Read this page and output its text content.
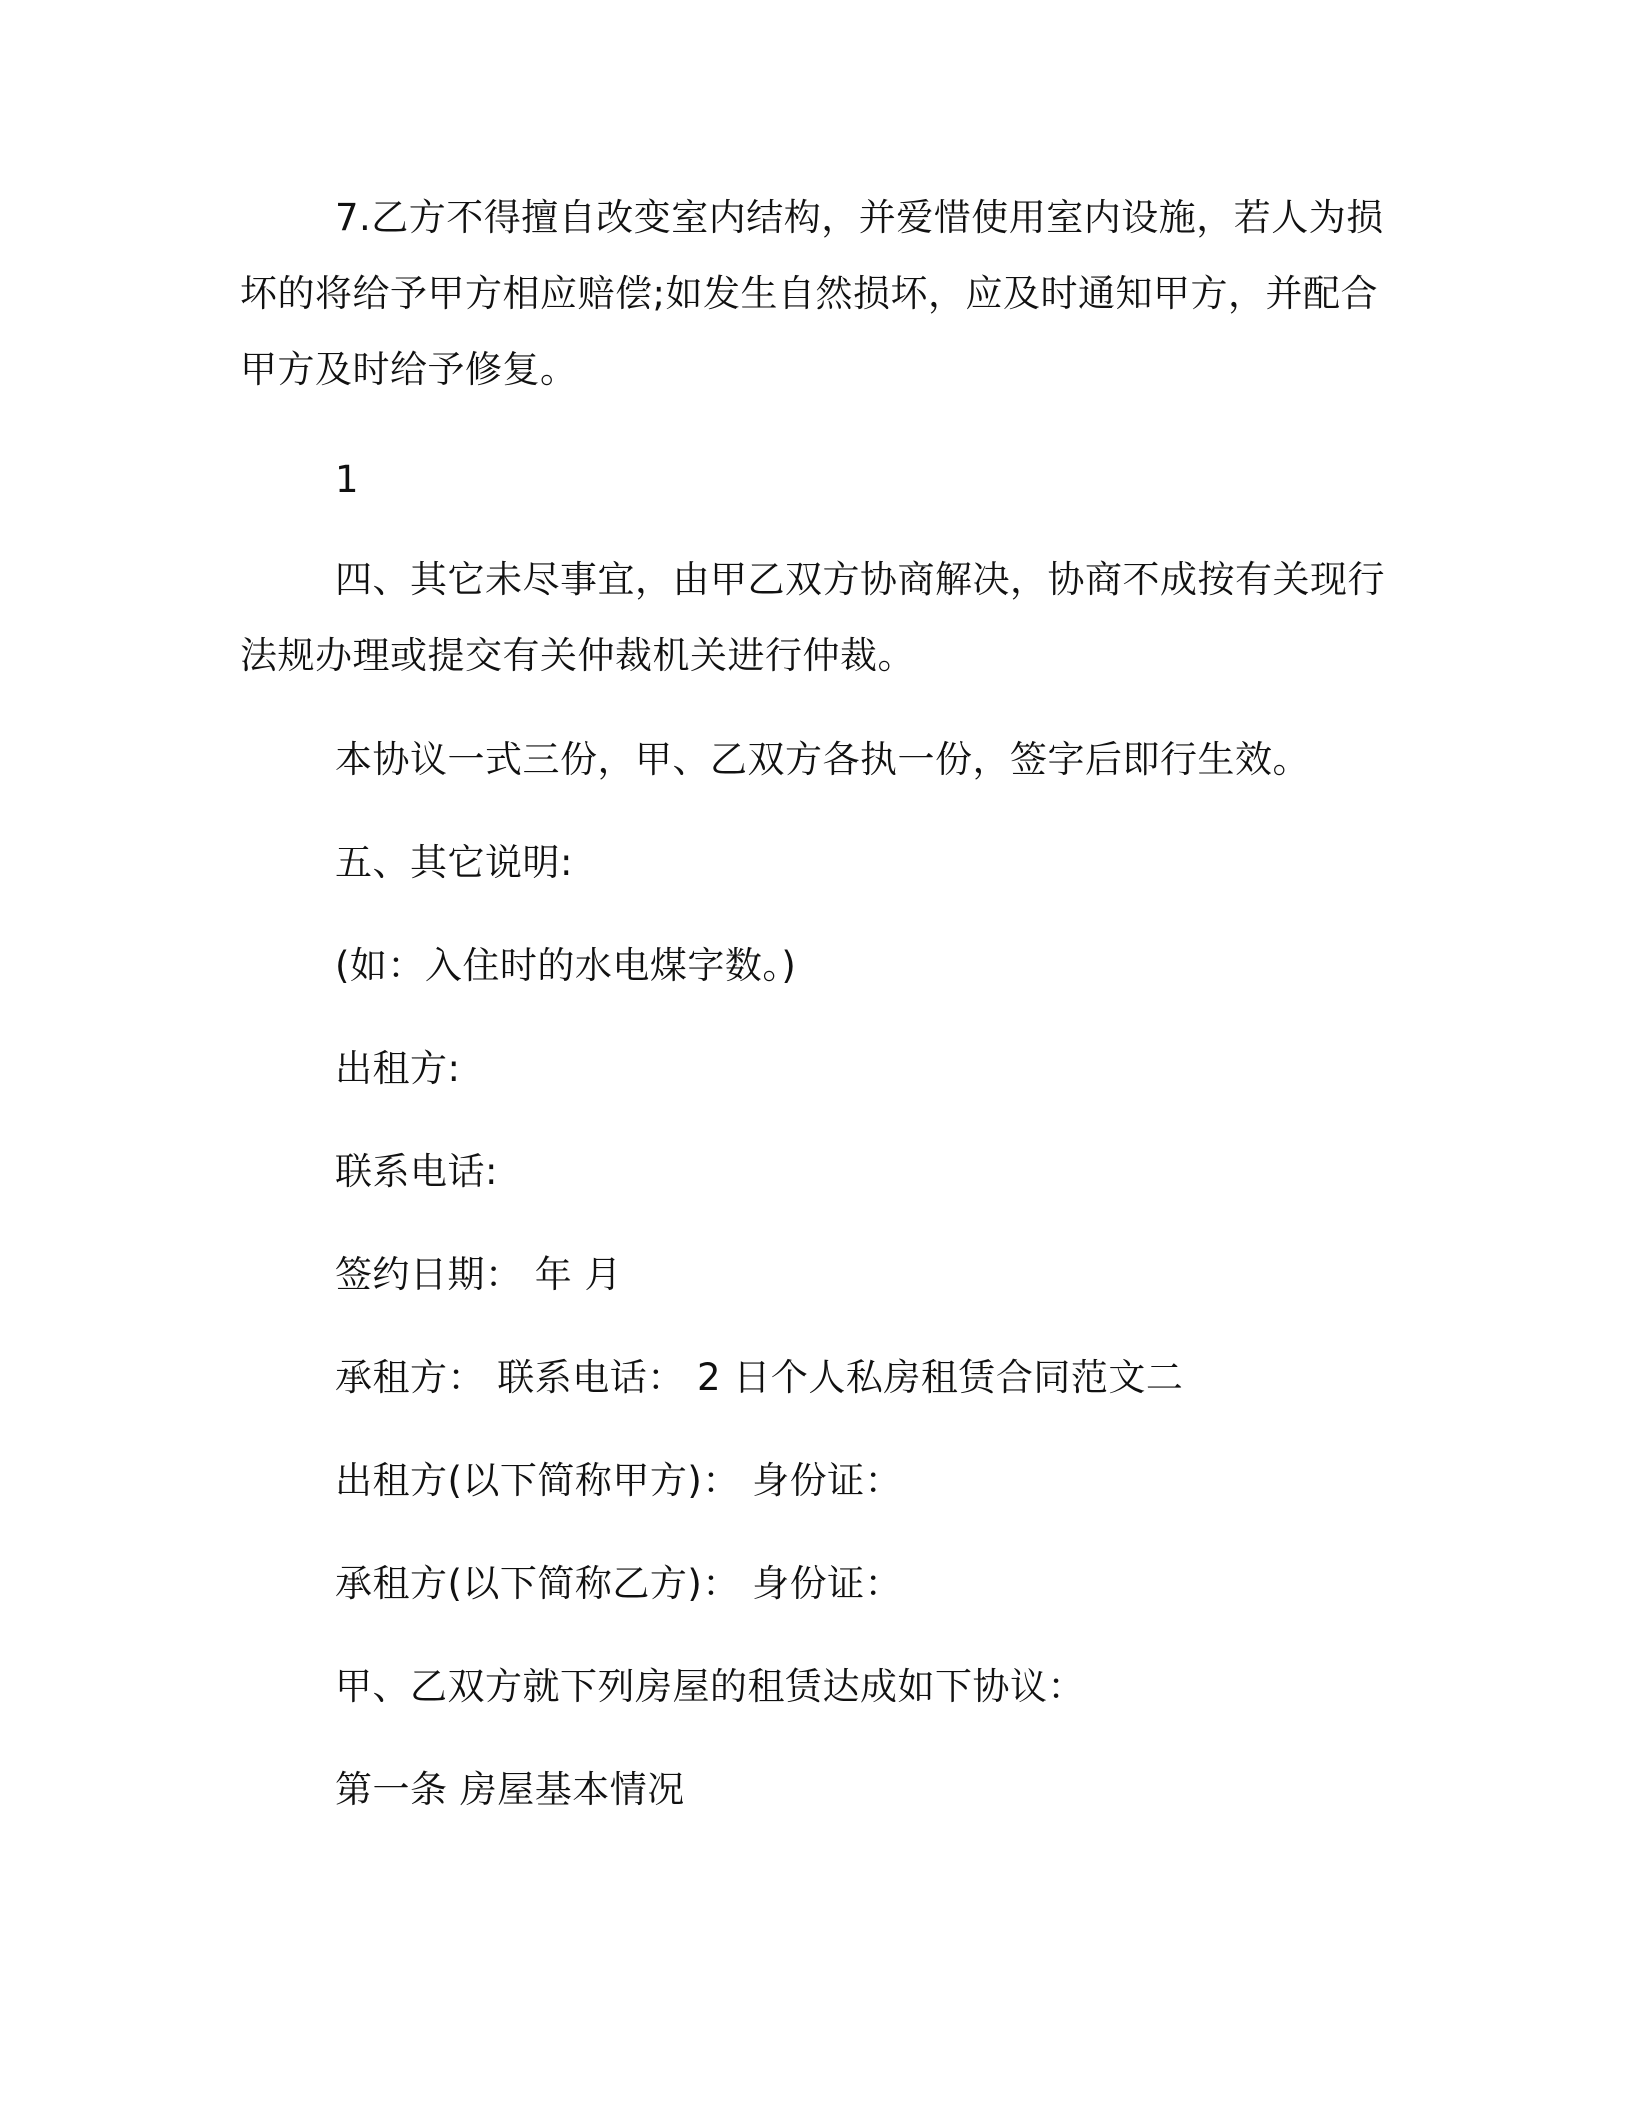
7.乙方不得擅自改变室内结构，并爱惜使用室内设施，若人为损
坏的将给予甲方相应赔偿;如发生自然损坏，应及时通知甲方，并配合
甲方及时给予修复。
1
四、其它未尽事宜，由甲乙双方协商解决，协商不成按有关现行
法规办理或提交有关仲裁机关进行仲裁。
本协议一式三份，甲、乙双方各执一份，签字后即行生效。
五、其它说明:
(如：入住时的水电煤字数。)
出租方:
联系电话:
签约日期： 年 月
承租方： 联系电话： 2 日个人私房租赁合同范文二
出租方(以下简称甲方)： 身份证：
承租方(以下简称乙方)： 身份证：
甲、乙双方就下列房屋的租赁达成如下协议：
第一条 房屋基本情况
